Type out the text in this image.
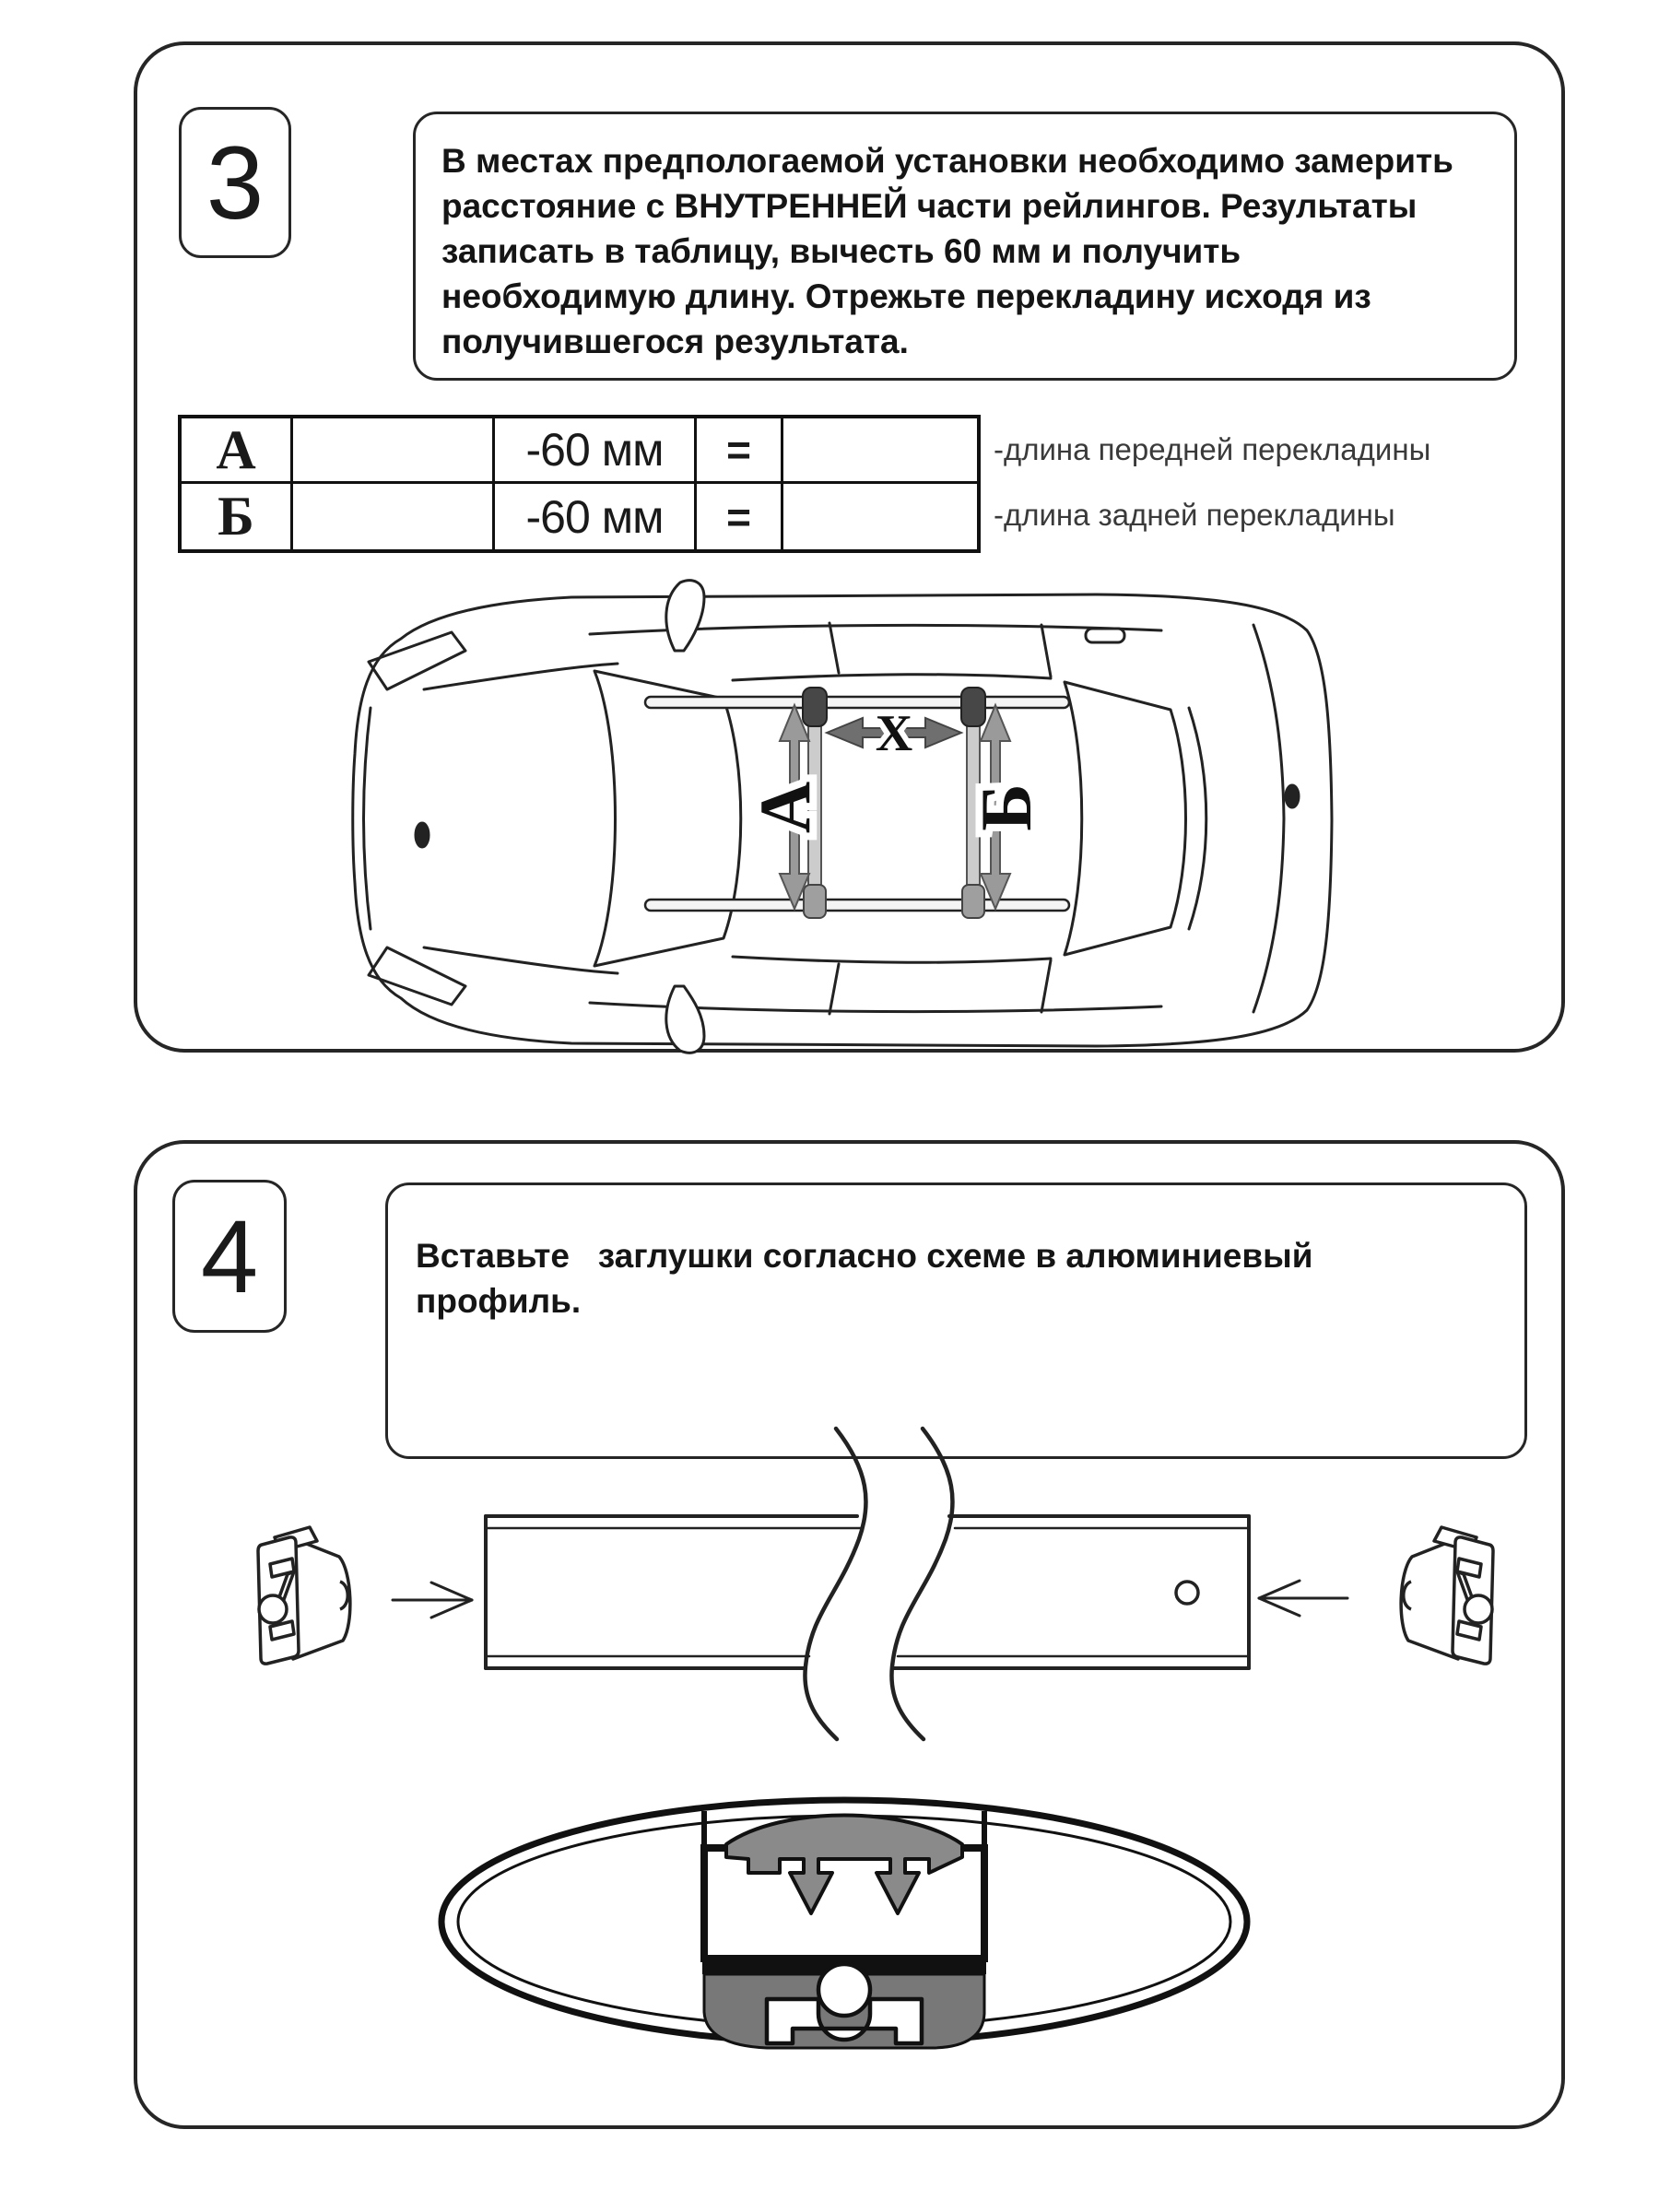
3	В местах предпологаемой установки необходимо замерить
расстояние с ВНУТРЕННЕЙ части рейлингов. Результаты
записать в таблицу, вычесть 60 мм и получить
необходимую длину. Отрежьте перекладину исходя из
получившегося результата.
А	-60 мм	=
Б	-60 мм	=
-длина передней перекладины
-длина задней перекладины
А Б
X
4	Вставьте   заглушки согласно схеме в алюминиевый
профиль.
